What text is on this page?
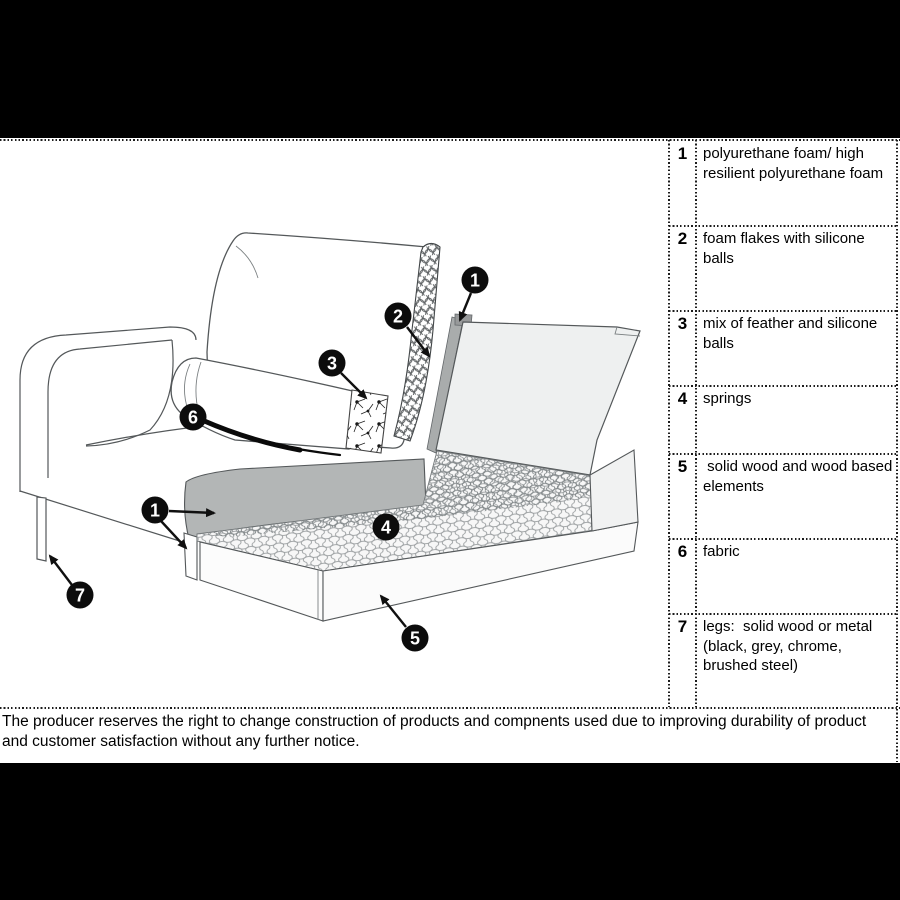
1
2
3
6
1
4
7
5
1	polyurethane foam/ high resilient polyurethane foam
2	foam flakes with silicone balls
3	mix of feather and silicone balls
4	springs
5	solid wood and wood based elements
6	fabric
7	legs:  solid wood or metal (black, grey, chrome, brushed steel)
The producer reserves the right to change construction of products and compnents used due to improving durability of product
and customer satisfaction without any further notice.
